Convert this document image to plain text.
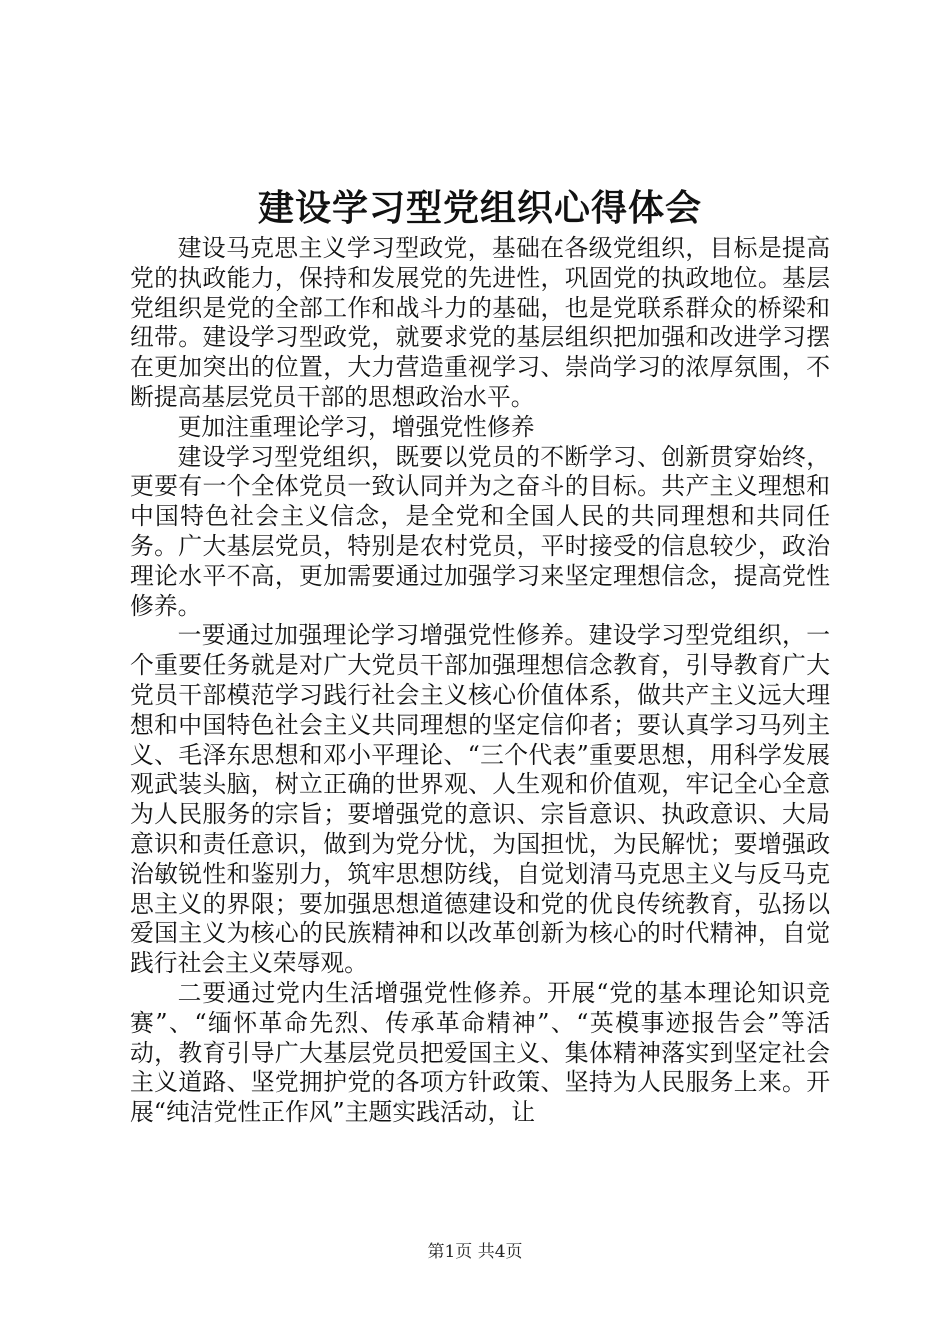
建设学习型党组织心得体会

建设马克思主义学习型政党，基础在各级党组织，目标是提高党的执政能力，保持和发展党的先进性，巩固党的执政地位。基层党组织是党的全部工作和战斗力的基础，也是党联系群众的桥梁和纽带。建设学习型政党，就要求党的基层组织把加强和改进学习摆在更加突出的位置，大力营造重视学习、崇尚学习的浓厚氛围，不断提高基层党员干部的思想政治水平。

更加注重理论学习，增强党性修养

建设学习型党组织，既要以党员的不断学习、创新贯穿始终，更要有一个全体党员一致认同并为之奋斗的目标。共产主义理想和中国特色社会主义信念，是全党和全国人民的共同理想和共同任务。广大基层党员，特别是农村党员，平时接受的信息较少，政治理论水平不高，更加需要通过加强学习来坚定理想信念，提高党性修养。

一要通过加强理论学习增强党性修养。建设学习型党组织，一个重要任务就是对广大党员干部加强理想信念教育，引导教育广大党员干部模范学习践行社会主义核心价值体系，做共产主义远大理想和中国特色社会主义共同理想的坚定信仰者；要认真学习马列主义、毛泽东思想和邓小平理论、“三个代表”重要思想，用科学发展观武装头脑，树立正确的世界观、人生观和价值观，牢记全心全意为人民服务的宗旨；要增强党的意识、宗旨意识、执政意识、大局意识和责任意识，做到为党分忧，为国担忧，为民解忧；要增强政治敏锐性和鉴别力，筑牢思想防线，自觉划清马克思主义与反马克思主义的界限；要加强思想道德建设和党的优良传统教育，弘扬以爱国主义为核心的民族精神和以改革创新为核心的时代精神，自觉践行社会主义荣辱观。

二要通过党内生活增强党性修养。开展“党的基本理论知识竞赛”、“缅怀革命先烈、传承革命精神”、“英模事迹报告会”等活动，教育引导广大基层党员把爱国主义、集体精神落实到坚定社会主义道路、坚党拥护党的各项方针政策、坚持为人民服务上来。开展“纯洁党性正作风”主题实践活动，让

第1页 共4页
